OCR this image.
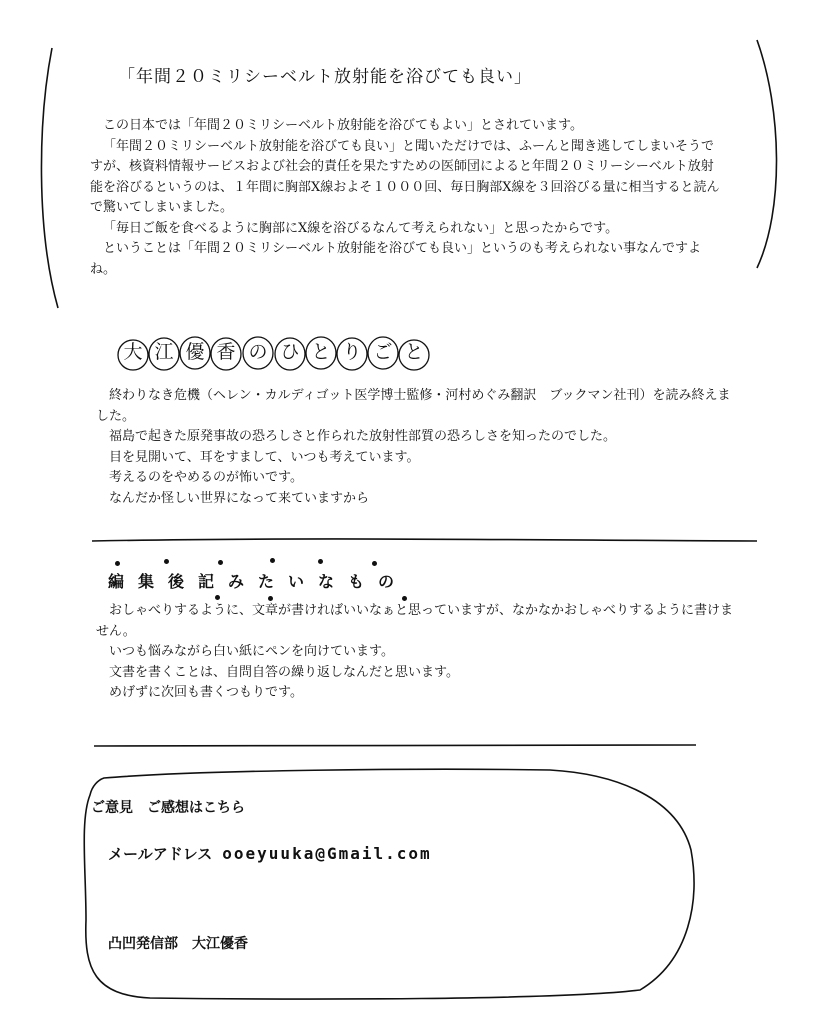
「年間２０ミリシーベルト放射能を浴びても良い」

この日本では「年間２０ミリシーベルト放射能を浴びてもよい」とされています。

「年間２０ミリシーベルト放射能を浴びても良い」と聞いただけでは、ふーんと聞き逃してしまいそうですが、核資料情報サービスおよび社会的責任を果たすための医師団によると年間２０ミリーシーベルト放射能を浴びるというのは、１年間に胸部X線およそ１０００回、毎日胸部X線を３回浴びる量に相当すると読んで驚いてしまいました。

「毎日ご飯を食べるように胸部にX線を浴びるなんて考えられない」と思ったからです。

ということは「年間２０ミリシーベルト放射能を浴びても良い」というのも考えられない事なんですよね。

大 江 優 香 の ひ と り ご と

終わりなき危機（ヘレン・カルディゴット医学博士監修・河村めぐみ翻訳　ブックマン社刊）を読み終えました。

福島で起きた原発事故の恐ろしさと作られた放射性部質の恐ろしさを知ったのでした。

目を見開いて、耳をすまして、いつも考えています。

考えるのをやめるのが怖いです。

なんだか怪しい世界になって来ていますから

編 集 後 記 み た い な も の

おしゃべりするように、文章が書ければいいなぁと思っていますが、なかなかおしゃべりするように書けません。

いつも悩みながら白い紙にペンを向けています。

文書を書くことは、自問自答の繰り返しなんだと思います。

めげずに次回も書くつもりです。

ご意見　ご感想はこちら
メールアドレス ooeyuuka@Gmail.com
凸凹発信部　大江優香
